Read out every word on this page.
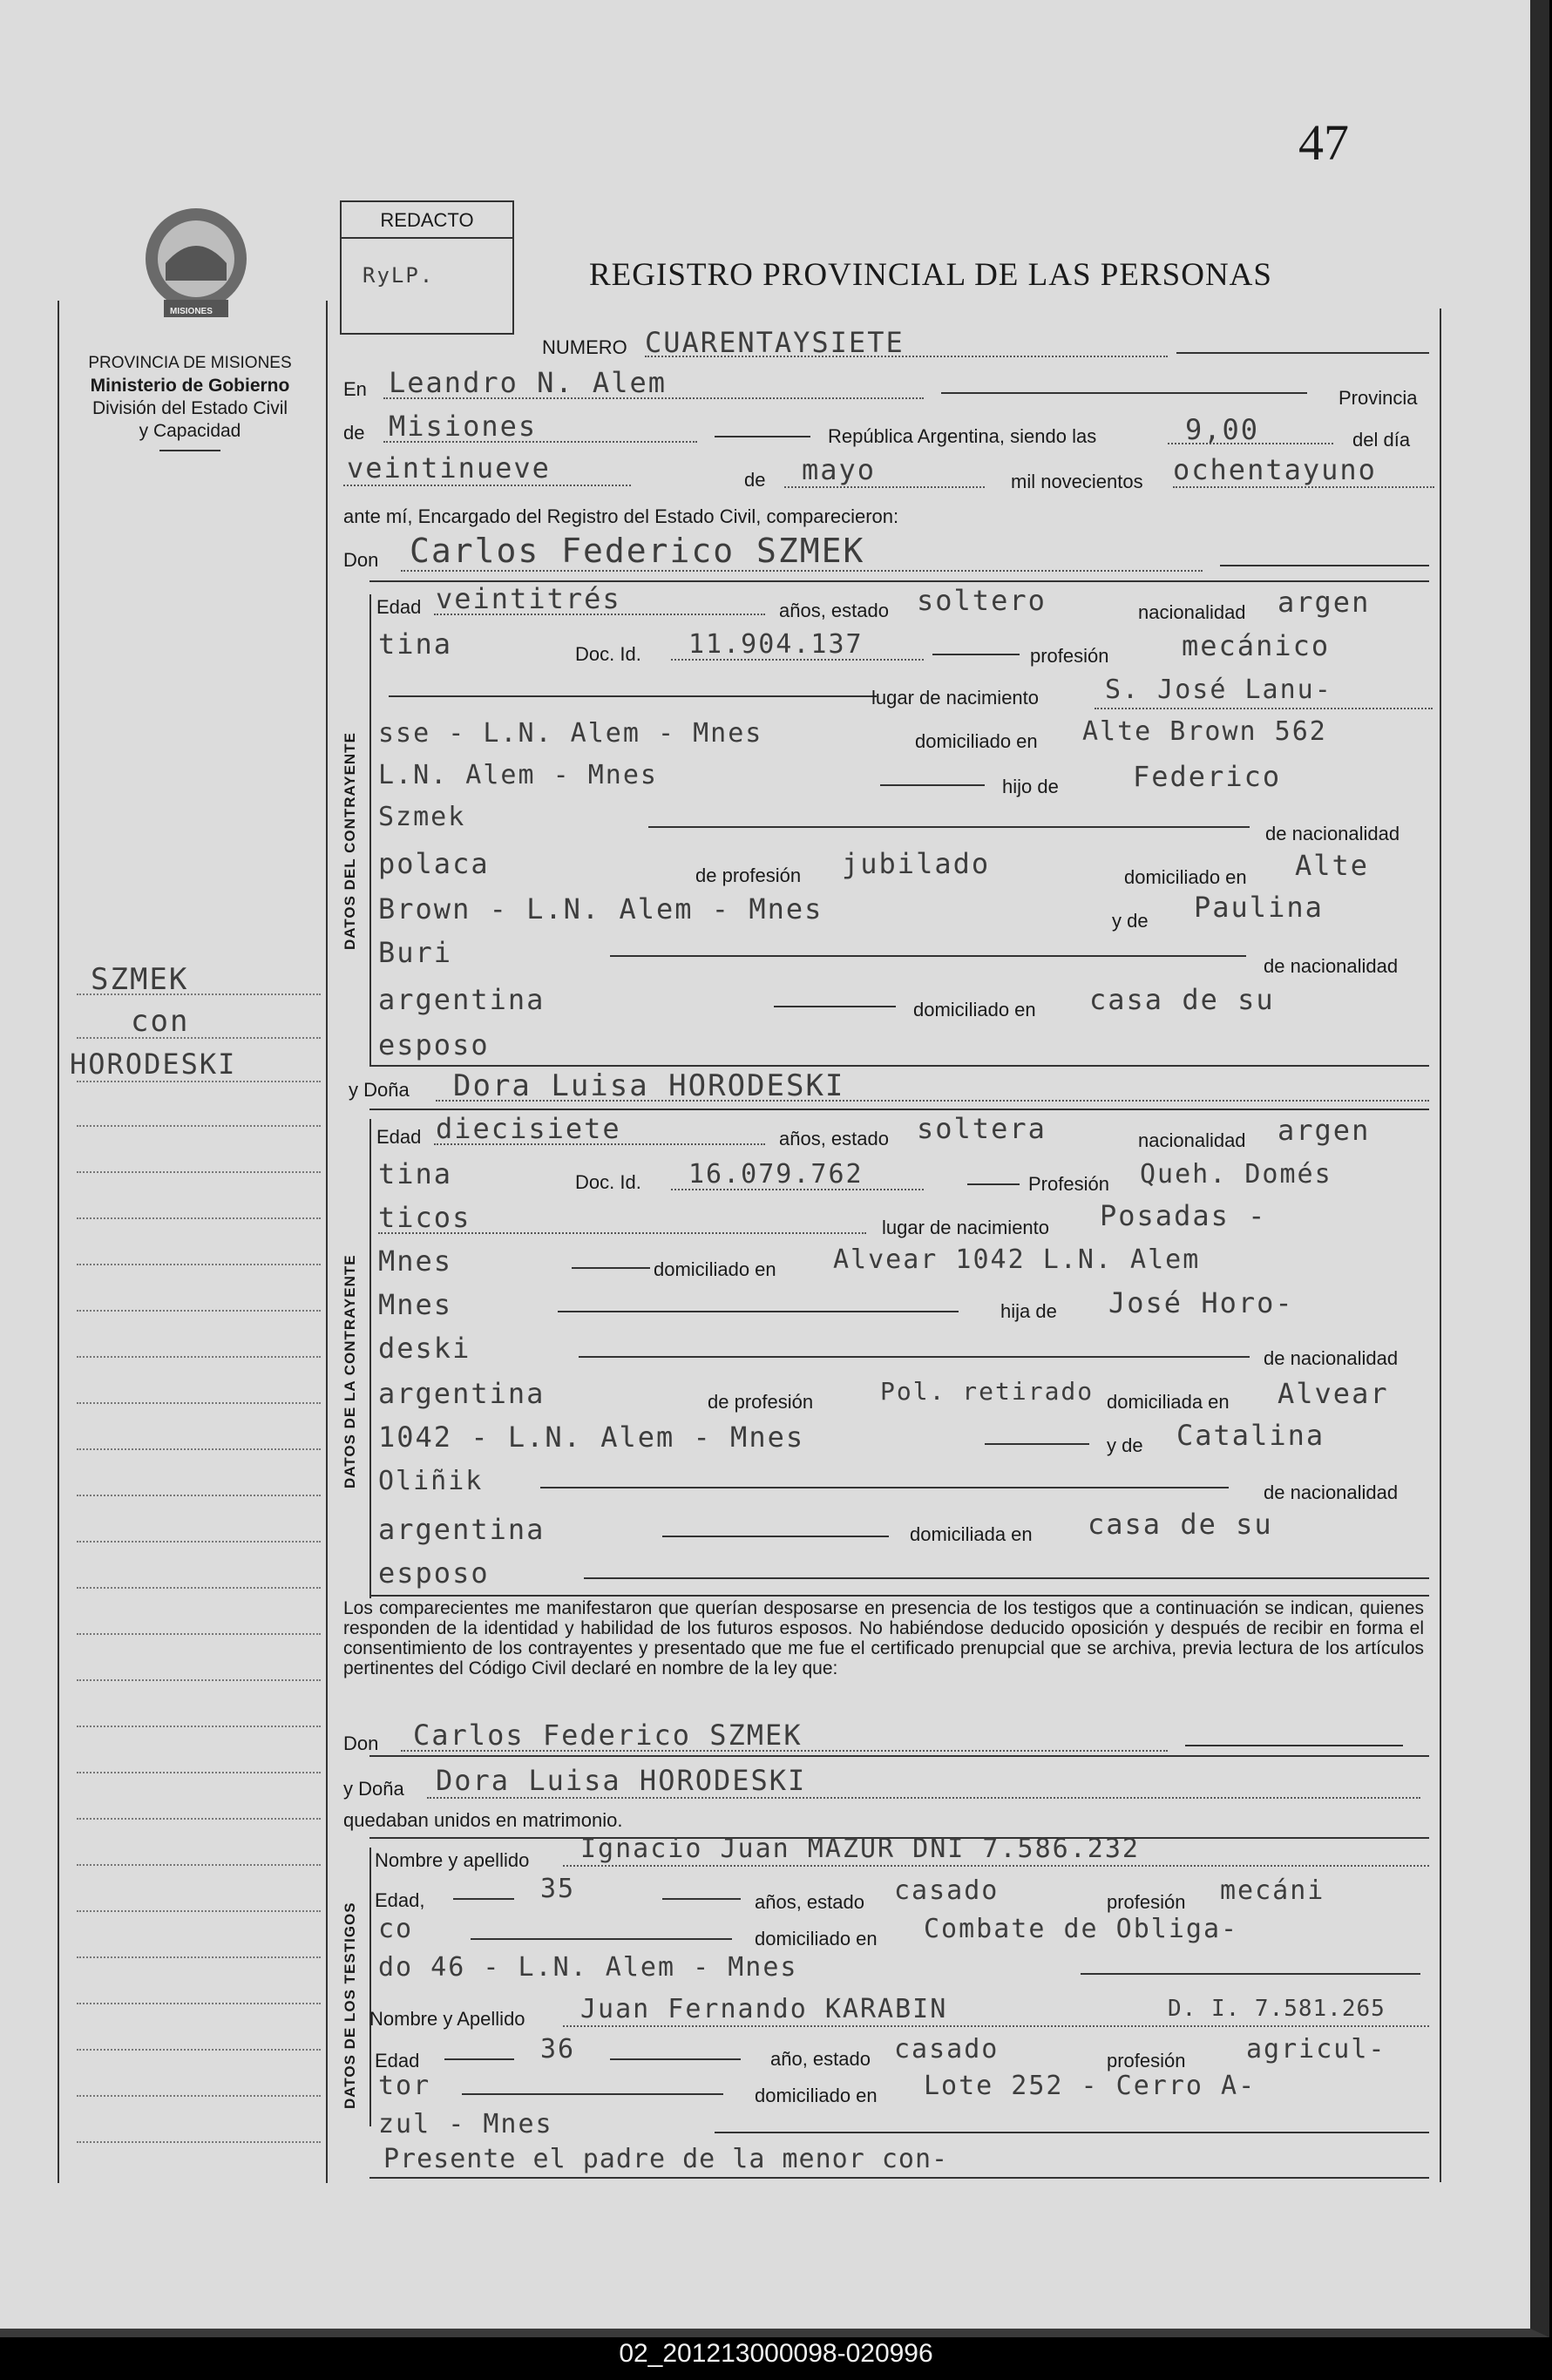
47
MISIONES
PROVINCIA DE MISIONES
Ministerio de Gobierno
División del Estado Civil
y Capacidad
SZMEK
con
HORODESKI
REDACTO
RyLP.	REGISTRO PROVINCIAL DE LAS PERSONAS
NUMERO CUARENTAYSIETE
En Leandro N. Alem	Provincia
de Misiones	República Argentina, siendo las	9,00	del día
veintinueve	de mayo	mil novecientos ochentayuno
ante mí, Encargado del Registro del Estado Civil, comparecieron:
Don Carlos Federico SZMEK
DATOS DEL CONTRAYENTE
Edad veintitrés	años, estado soltero	nacionalidad argen
tina	Doc. Id. 11.904.137	profesión	mecánico
lugar de nacimiento	S. José Lanu-
sse - L.N. Alem - Mnes	domiciliado en Alte Brown 562
L.N. Alem - Mnes	hijo de	Federico
Szmek
de nacionalidad
polaca	de profesión jubilado	domiciliado en Alte
Brown - L.N. Alem - Mnes	y de Paulina
Buri	de nacionalidad
argentina	domiciliado en casa de su
esposo
y Doña Dora Luisa HORODESKI
DATOS DE LA CONTRAYENTE
Edad diecisiete	años, estado soltera	nacionalidad argen
tina	Doc. Id. 16.079.762	Profesión Queh. Domés
ticos	lugar de nacimiento Posadas -
Mnes	domiciliado en Alvear 1042 L.N. Alem
Mnes	hija de José Horo-
deski	de nacionalidad
argentina	de profesión	Pol. retirado domiciliada en Alvear
1042 - L.N. Alem - Mnes	y de Catalina
Oliñik	de nacionalidad
argentina	domiciliada en casa de su
esposo
Los comparecientes me manifestaron que querían desposarse en presencia de los testigos que a continuación se indican, quienes responden de la identidad y habilidad de los futuros esposos. No habiéndose deducido oposición y después de recibir en forma el consentimiento de los contrayentes y presentado que me fue el certificado prenupcial que se archiva, previa lectura de los artículos pertinentes del Código Civil declaré en nombre de la ley que:
Don Carlos Federico SZMEK
y Doña Dora Luisa HORODESKI
quedaban unidos en matrimonio.
DATOS DE LOS TESTIGOS
Nombre y apellido Ignacio Juan MAZUR DNI 7.586.232
Edad,	35	años, estado casado	profesión mecáni
co	domiciliado en Combate de Obliga-
do 46 - L.N. Alem - Mnes
Nombre y Apellido Juan Fernando KARABIN	D. I. 7.581.265
Edad	36	año, estado casado	profesión agricul-
tor	domiciliado en Lote 252 - Cerro A-
zul - Mnes
Presente el padre de la menor con-
02_201213000098-020996
